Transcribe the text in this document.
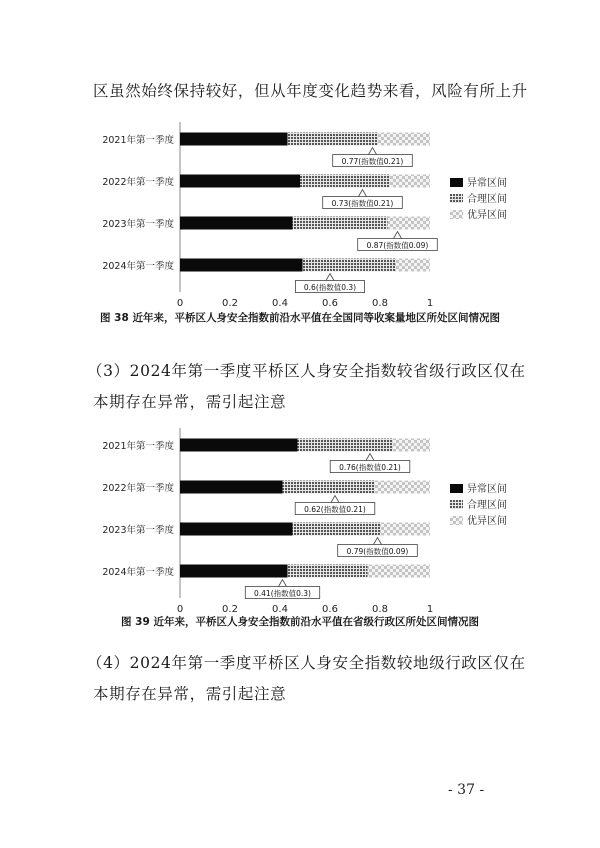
区虽然始终保持较好，但从年度变化趋势来看，风险有所上升
2021年第一季度
0.77(指数值0.21)
2022年第一季度
0.73(指数值0.21)
2023年第一季度
0.87(指数值0.09)
2024年第一季度
0.6(指数值0.3)
0	0.2	0.4	0.6	0.8	1
异常区间
合理区间
优异区间
图 38 近年来，平桥区人身安全指数前沿水平值在全国同等收案量地区所处区间情况图
（3）2024年第一季度平桥区人身安全指数较省级行政区仅在本期存在异常，需引起注意
2021年第一季度
0.76(指数值0.21)
2022年第一季度
0.62(指数值0.21)
2023年第一季度
0.79(指数值0.09)
2024年第一季度
0.41(指数值0.3)
0	0.2	0.4	0.6	0.8	1
异常区间
合理区间
优异区间
图 39 近年来，平桥区人身安全指数前沿水平值在省级行政区所处区间情况图
（4）2024年第一季度平桥区人身安全指数较地级行政区仅在本期存在异常，需引起注意
- 37 -
